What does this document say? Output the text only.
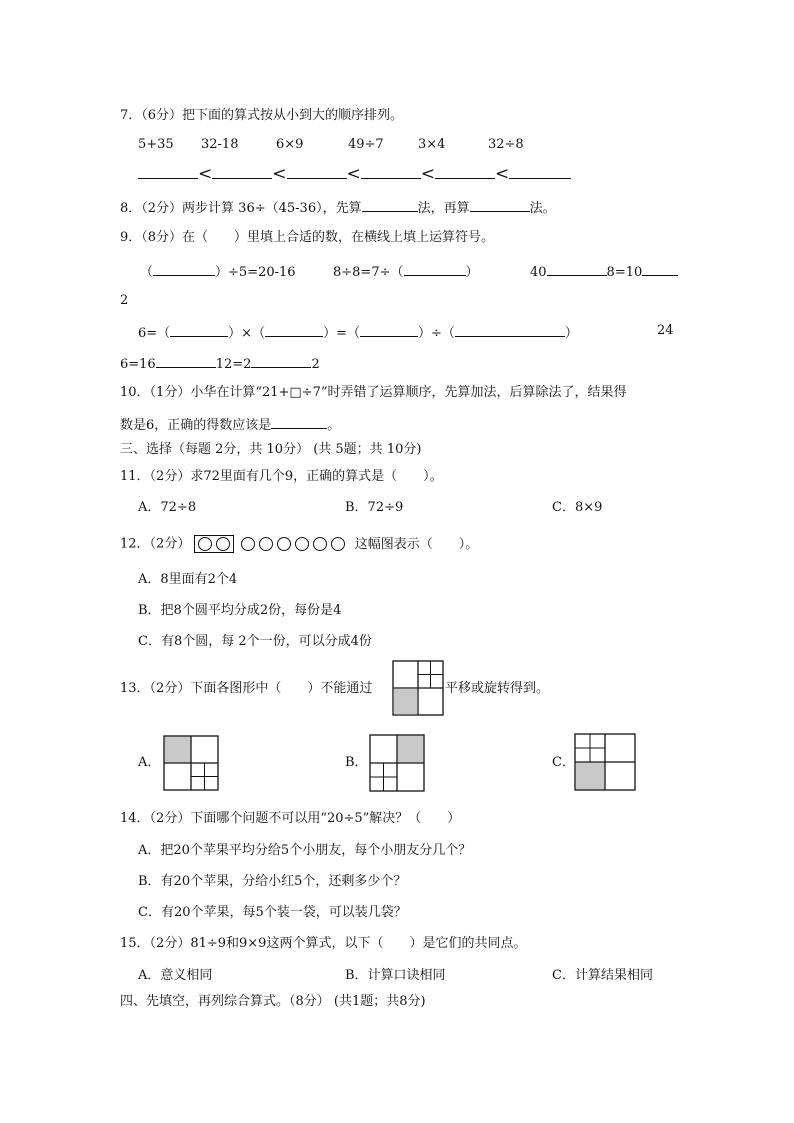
7．（6分）把下面的算式按从小到大的顺序排列。
5+35 32-18	6×9	49÷7	3×4	32÷8
<	<	<	<	<
8．（2分）两步计算 36÷（45-36），先算	法，再算	法。
9．（8分）在（　　）里填上合适的数，在横线上填上运算符号。
（	）÷5=20-16	8÷8=7÷（	）	40	8=10
2
6=（	）×（	）=（	）÷（	）	24
6=16	12=2	2
10．（1分）小华在计算“21+□÷7”时弄错了运算顺序，先算加法，后算除法了，结果得
数是6，正确的得数应该是	。
三、选择（每题 2分，共 10分） (共 5题；共 10分)
11．（2分）求72里面有几个9，正确的算式是（　　）。
A．72÷8	B．72÷9	C．8×9
12．（2分）	这幅图表示（　　）。
A．8里面有2个4
B．把8个圆平均分成2份，每份是4
C．有8个圆，每 2个一份，可以分成4份
13．（2分）下面各图形中（　　）不能通过	平移或旋转得到。
A．	B．	C．
14．（2分）下面哪个问题不可以用“20÷5”解决？（　　）
A．把20个苹果平均分给5个小朋友，每个小朋友分几个？
B．有20个苹果，分给小红5个，还剩多少个？
C．有20个苹果，每5个装一袋，可以装几袋？
15．（2分）81÷9和9×9这两个算式，以下（　　）是它们的共同点。
A．意义相同	B．计算口诀相同	C．计算结果相同
四、先填空，再列综合算式。（8分） (共1题；共8分)
